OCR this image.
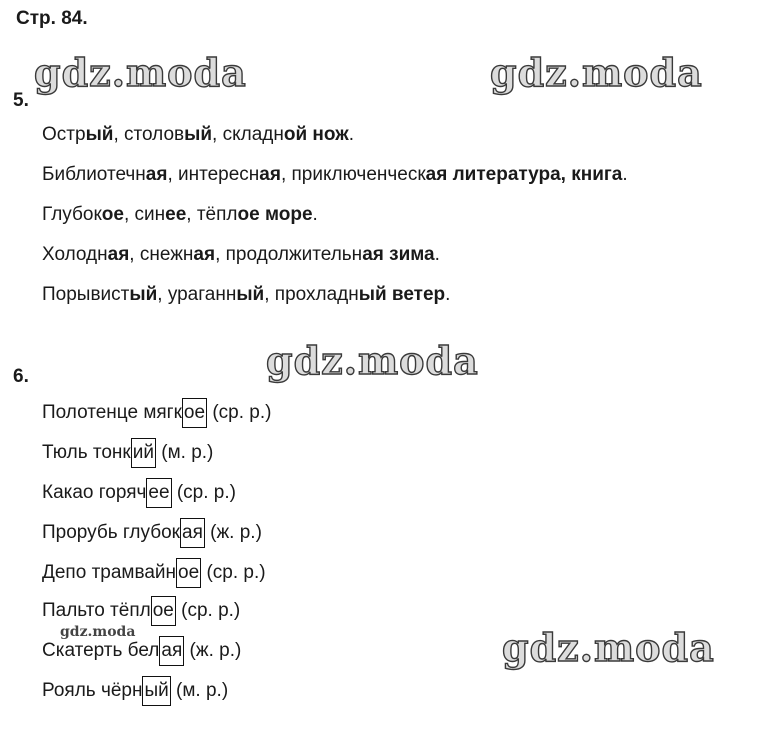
Стр. 84.
gdz.moda	gdz.moda
gdz.moda
gdz.moda
gdz.moda
5.
Острый, столовый, складной нож.
Библиотечная, интересная, приключенческая литература, книга.
Глубокое, синее, тёплое море.
Холодная, снежная, продолжительная зима.
Порывистый, ураганный, прохладный ветер.
6.
Полотенце мягк ое (ср. р.)
Тюль тонк ий (м. р.)
Какао горяч ее (ср. р.)
Прорубь глубок ая (ж. р.)
Депо трамвайн ое (ср. р.)
Пальто тёпл ое (ср. р.)
Скатерть бел ая (ж. р.)
Рояль чёрн ый (м. р.)
